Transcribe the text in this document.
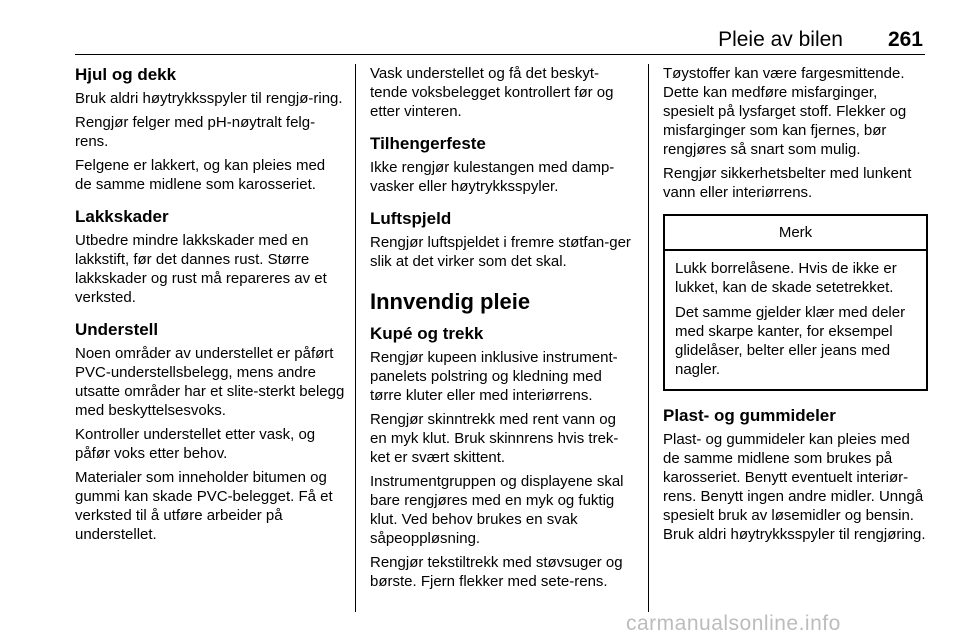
Pleie av bilen 261
Hjul og dekk

Bruk aldri høytrykksspyler til rengjø-ring.

Rengjør felger med pH-nøytralt felg-rens.

Felgene er lakkert, og kan pleies med de samme midlene som karosseriet.

Lakkskader

Utbedre mindre lakkskader med en lakkstift, før det dannes rust. Større lakkskader og rust må repareres av et verksted.

Understell

Noen områder av understellet er påført PVC-understellsbelegg, mens andre utsatte områder har et slite-sterkt belegg med beskyttelsesvoks.

Kontroller understellet etter vask, og påfør voks etter behov.

Materialer som inneholder bitumen og gummi kan skade PVC-belegget. Få et verksted til å utføre arbeider på understellet.

Vask understellet og få det beskyt-tende voksbelegget kontrollert før og etter vinteren.

Tilhengerfeste

Ikke rengjør kulestangen med damp-vasker eller høytrykksspyler.

Luftspjeld

Rengjør luftspjeldet i fremre støtfan-ger slik at det virker som det skal.

Innvendig pleie
Kupé og trekk

Rengjør kupeen inklusive instrument-panelets polstring og kledning med tørre kluter eller med interiørrens.

Rengjør skinntrekk med rent vann og en myk klut. Bruk skinnrens hvis trek-ket er svært skittent.

Instrumentgruppen og displayene skal bare rengjøres med en myk og fuktig klut. Ved behov brukes en svak såpeoppløsning.

Rengjør tekstiltrekk med støvsuger og børste. Fjern flekker med sete-rens.

Tøystoffer kan være fargesmittende. Dette kan medføre misfarginger, spesielt på lysfarget stoff. Flekker og misfarginger som kan fjernes, bør rengjøres så snart som mulig.

Rengjør sikkerhetsbelter med lunkent vann eller interiørrens.

Merk

Lukk borrelåsene. Hvis de ikke er lukket, kan de skade setetrekket.

Det samme gjelder klær med deler med skarpe kanter, for eksempel glidelåser, belter eller jeans med nagler.

Plast- og gummideler

Plast- og gummideler kan pleies med de samme midlene som brukes på karosseriet. Benytt eventuelt interiør-rens. Benytt ingen andre midler. Unngå spesielt bruk av løsemidler og bensin. Bruk aldri høytrykksspyler til rengjøring.

carmanualsonline.info
